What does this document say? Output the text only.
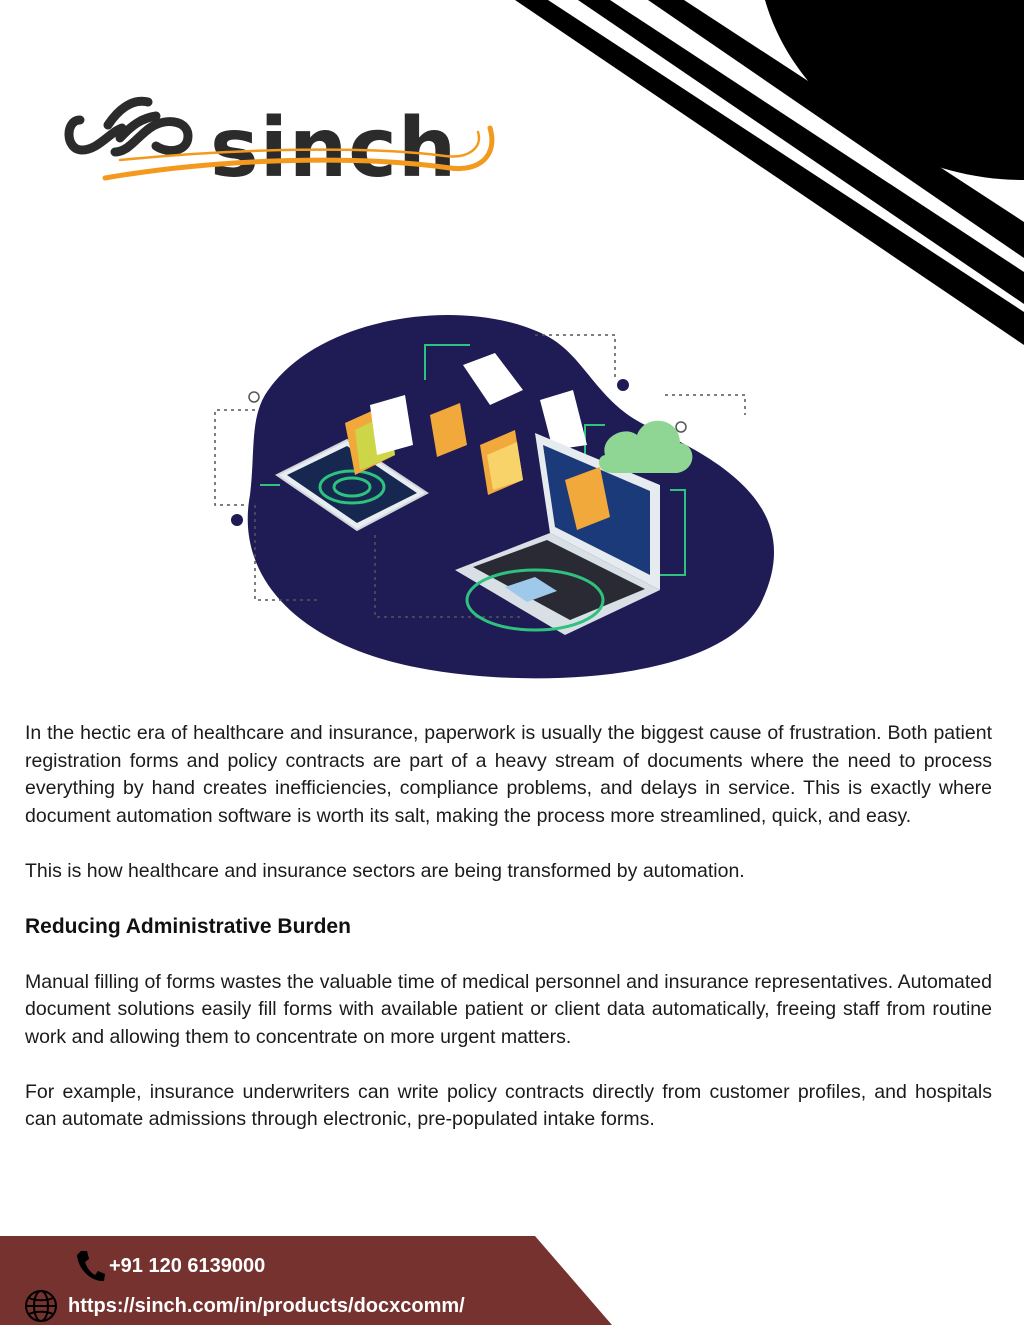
sinch

In the hectic era of healthcare and insurance, paperwork is usually the biggest cause of frustration. Both patient registration forms and policy contracts are part of a heavy stream of documents where the need to process everything by hand creates inefficiencies, compliance problems, and delays in service. This is exactly where document automation software is worth its salt, making the process more streamlined, quick, and easy.

This is how healthcare and insurance sectors are being transformed by automation.

Reducing Administrative Burden

Manual filling of forms wastes the valuable time of medical personnel and insurance representatives. Automated document solutions easily fill forms with available patient or client data automatically, freeing staff from routine work and allowing them to concentrate on more urgent matters.

For example, insurance underwriters can write policy contracts directly from customer profiles, and hospitals can automate admissions through electronic, pre-populated intake forms.

+91 120 6139000
https://sinch.com/in/products/docxcomm/
